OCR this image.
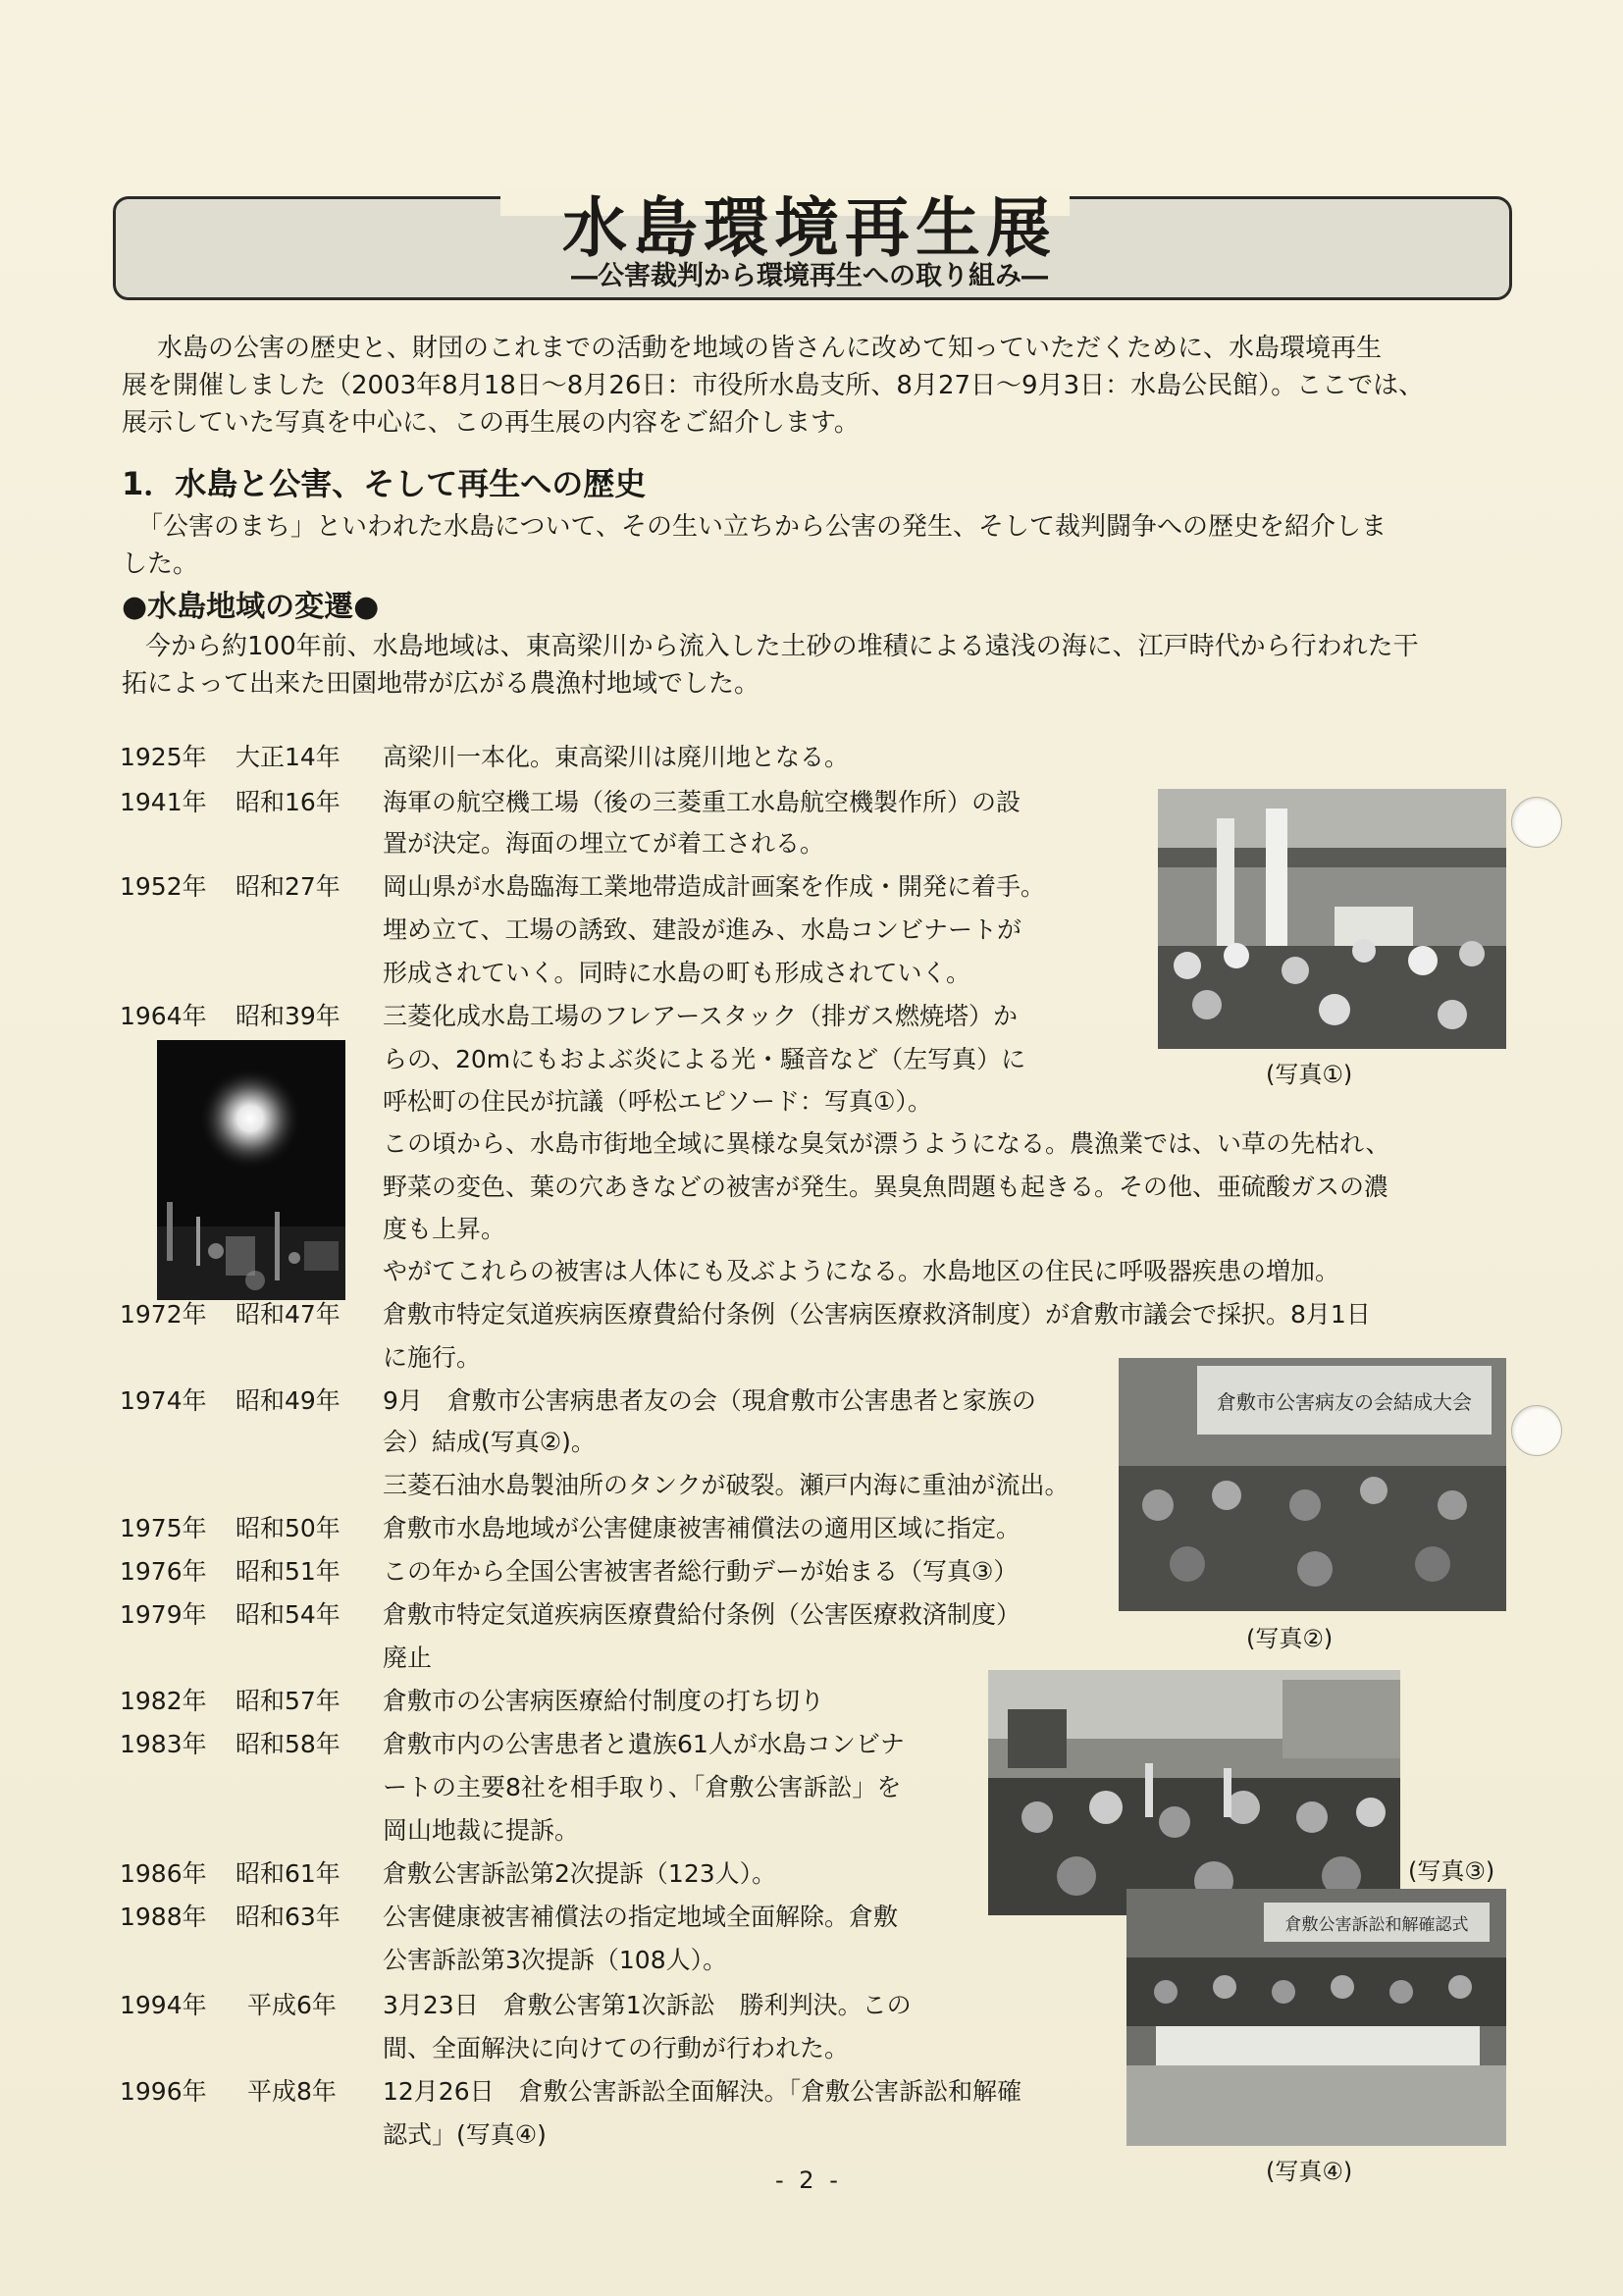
水島環境再生展
―公害裁判から環境再生への取り組み―
水島の公害の歴史と、財団のこれまでの活動を地域の皆さんに改めて知っていただくために、水島環境再生
展を開催しました（2003年8月18日～8月26日：市役所水島支所、8月27日～9月3日：水島公民館）。ここでは、
展示していた写真を中心に、この再生展の内容をご紹介します。
1．水島と公害、そして再生への歴史
「公害のまち」といわれた水島について、その生い立ちから公害の発生、そして裁判闘争への歴史を紹介しま
した。
●水島地域の変遷●
今から約100年前、水島地域は、東高梁川から流入した土砂の堆積による遠浅の海に、江戸時代から行われた干
拓によって出来た田園地帯が広がる農漁村地域でした。
1925年 大正14年 高梁川一本化。東高梁川は廃川地となる。
1941年 昭和16年 海軍の航空機工場（後の三菱重工水島航空機製作所）の設
置が決定。海面の埋立てが着工される。
1952年 昭和27年 岡山県が水島臨海工業地帯造成計画案を作成・開発に着手。
埋め立て、工場の誘致、建設が進み、水島コンビナートが
形成されていく。同時に水島の町も形成されていく。
1964年 昭和39年 三菱化成水島工場のフレアースタック（排ガス燃焼塔）か
らの、20mにもおよぶ炎による光・騒音など（左写真）に
呼松町の住民が抗議（呼松エピソード：写真①）。
この頃から、水島市街地全域に異様な臭気が漂うようになる。農漁業では、い草の先枯れ、
野菜の変色、葉の穴あきなどの被害が発生。異臭魚問題も起きる。その他、亜硫酸ガスの濃
度も上昇。
やがてこれらの被害は人体にも及ぶようになる。水島地区の住民に呼吸器疾患の増加。
1972年 昭和47年 倉敷市特定気道疾病医療費給付条例（公害病医療救済制度）が倉敷市議会で採択。8月1日
に施行。
1974年 昭和49年 9月　倉敷市公害病患者友の会（現倉敷市公害患者と家族の
会）結成(写真②)。
三菱石油水島製油所のタンクが破裂。瀬戸内海に重油が流出。
1975年 昭和50年 倉敷市水島地域が公害健康被害補償法の適用区域に指定。
1976年 昭和51年 この年から全国公害被害者総行動デーが始まる（写真③）
1979年 昭和54年 倉敷市特定気道疾病医療費給付条例（公害医療救済制度）
廃止
1982年 昭和57年 倉敷市の公害病医療給付制度の打ち切り
1983年 昭和58年 倉敷市内の公害患者と遺族61人が水島コンビナ
ートの主要8社を相手取り、「倉敷公害訴訟」を
岡山地裁に提訴。
1986年 昭和61年 倉敷公害訴訟第2次提訴（123人）。
1988年 昭和63年 公害健康被害補償法の指定地域全面解除。倉敷
公害訴訟第3次提訴（108人）。
1994年 平成6年 3月23日　倉敷公害第1次訴訟　勝利判決。この
間、全面解決に向けての行動が行われた。
1996年 平成8年 12月26日　倉敷公害訴訟全面解決。「倉敷公害訴訟和解確
認式」(写真④)
(写真①)
倉敷市公害病友の会結成大会
(写真②)
(写真③)
倉敷公害訴訟和解確認式
(写真④)
- 2 -
